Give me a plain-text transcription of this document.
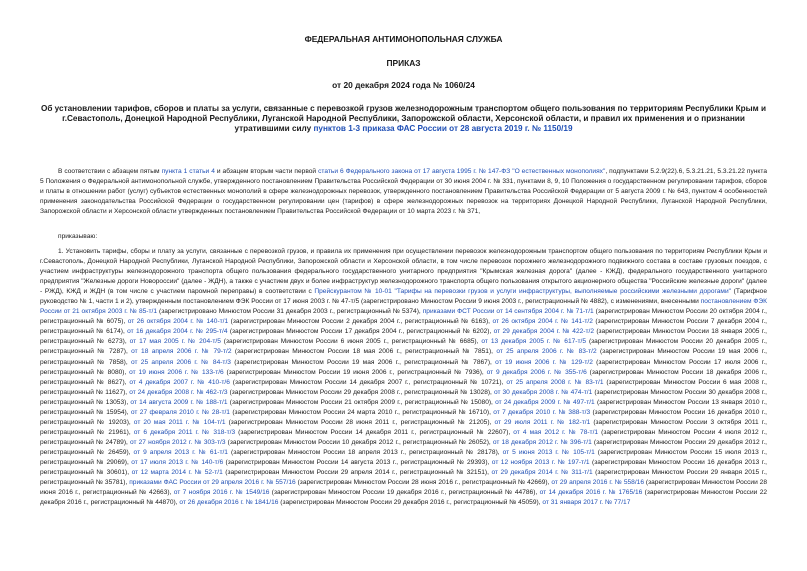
ФЕДЕРАЛЬНАЯ АНТИМОНОПОЛЬНАЯ СЛУЖБА
ПРИКАЗ
от 20 декабря 2024 года № 1060/24
Об установлении тарифов, сборов и платы за услуги, связанные с перевозкой грузов железнодорожным транспортом общего пользования по территориям Республики Крым и г.Севастополь, Донецкой Народной Республики, Луганской Народной Республики, Запорожской области, Херсонской области, и правил их применения и о признании утратившими силу пунктов 1-3 приказа ФАС России от 28 августа 2019 г. № 1150/19

В соответствии с абзацем пятым пункта 1 статьи 4 и абзацем вторым части первой статьи 6 Федерального закона от 17 августа 1995 г. № 147-ФЗ "О естественных монополиях", подпунктами 5.2.9(22).6, 5.3.21.21, 5.3.21.22 пункта 5 Положения о Федеральной антимонопольной службе, утвержденного постановлением Правительства Российской Федерации от 30 июня 2004 г. № 331, пунктами 8, 9, 10 Положения о государственном регулировании тарифов, сборов и платы в отношении работ (услуг) субъектов естественных монополий в сфере железнодорожных перевозок, утвержденного постановлением Правительства Российской Федерации от 5 августа 2009 г. № 643, пунктом 4 особенностей применения законодательства Российской Федерации о государственном регулировании цен (тарифов) в сфере железнодорожных перевозок на территориях Донецкой Народной Республики, Луганской Народной Республики, Запорожской области и Херсонской области утвержденных постановлением Правительства Российской Федерации от 10 марта 2023 г. № 371,

приказываю:

1. Установить тарифы, сборы и плату за услуги, связанные с перевозкой грузов, и правила их применения при осуществлении перевозок железнодорожным транспортом общего пользования по территориям Республики Крым и г.Севастополь, Донецкой Народной Республики, Луганской Народной Республики, Запорожской области и Херсонской области, в том числе перевозок порожнего железнодорожного подвижного состава в составе грузовых поездов, с участием инфраструктуры железнодорожного транспорта общего пользования федерального государственного унитарного предприятия "Крымская железная дорога" (далее - КЖД), федерального государственного унитарного предприятия "Железные дороги Новороссии" (далее - ЖДН), а также с участием двух и более инфраструктур железнодорожного транспорта общего пользования открытого акционерного общества "Российские железные дороги" (далее - РЖД), КЖД и ЖДН (в том числе с участием паромной переправы) в соответствии с Прейскурантом № 10-01 "Тарифы на перевозки грузов и услуги инфраструктуры, выполняемые российскими железными дорогами" (Тарифное руководство № 1, части 1 и 2), утвержденным постановлением ФЭК России от 17 июня 2003 г. № 47-т/5 (зарегистрировано Минюстом России 9 июня 2003 г., регистрационный № 4882), с изменениями, внесенными постановлением ФЭК России от 21 октября 2003 г. № 85-т/1 (зарегистрировано Минюстом России 31 декабря 2003 г., регистрационный № 5374), приказами ФСТ России от 14 сентября 2004 г. № 71-т/1 (зарегистрирован Минюстом России 20 октября 2004 г., регистрационный № 6075), от 26 октября 2004 г. № 140-т/1 (зарегистрирован Минюстом России 2 декабря 2004 г., регистрационный № 6163), от 26 октября 2004 г. № 141-т/2 (зарегистрирован Минюстом России 7 декабря 2004 г., регистрационный № 6174), от 16 декабря 2004 г. № 295-т/4 (зарегистрирован Минюстом России 17 декабря 2004 г., регистрационный № 6202), от 29 декабря 2004 г. № 422-т/2 (зарегистрирован Минюстом России 18 января 2005 г., регистрационный № 6273), от 17 мая 2005 г. № 204-т/5 (зарегистрирован Минюстом России 6 июня 2005 г., регистрационный № 6685), от 13 декабря 2005 г. № 617-т/5 (зарегистрирован Минюстом России 20 декабря 2005 г., регистрационный № 7287), от 18 апреля 2006 г. № 79-т/2 (зарегистрирован Минюстом России 18 мая 2006 г., регистрационный № 7851), от 25 апреля 2006 г. № 83-т/2 (зарегистрирован Минюстом России 19 мая 2006 г., регистрационный № 7858), от 25 апреля 2006 г. № 84-т/3 (зарегистрирован Минюстом России 19 мая 2006 г., регистрационный № 7867), от 19 июня 2006 г. № 129-т/2 (зарегистрирован Минюстом России 17 июля 2006 г., регистрационный № 8080), от 19 июня 2006 г. № 133-т/6 (зарегистрирован Минюстом России 19 июня 2006 г., регистрационный № 7936), от 9 декабря 2006 г. № 355-т/6 (зарегистрирован Минюстом России 18 декабря 2006 г., регистрационный № 8627), от 4 декабря 2007 г. № 410-т/6 (зарегистрирован Минюстом России 14 декабря 2007 г., регистрационный № 10721), от 25 апреля 2008 г. № 83-т/1 (зарегистрирован Минюстом России 6 мая 2008 г., регистрационный № 11627), от 24 декабря 2008 г. № 462-т/3 (зарегистрирован Минюстом России 29 декабря 2008 г., регистрационный № 13028), от 30 декабря 2008 г. № 474-т/1 (зарегистрирован Минюстом России 30 декабря 2008 г., регистрационный № 13053), от 14 августа 2009 г. № 188-т/1 (зарегистрирован Минюстом России 21 октября 2009 г., регистрационный № 15080), от 24 декабря 2009 г. № 497-т/1 (зарегистрирован Минюстом России 13 января 2010 г., регистрационный № 15954), от 27 февраля 2010 г. № 28-т/1 (зарегистрирован Минюстом России 24 марта 2010 г., регистрационный № 16710), от 7 декабря 2010 г. № 388-т/3 (зарегистрирован Минюстом России 16 декабря 2010 г., регистрационный № 19203), от 20 мая 2011 г. № 104-т/1 (зарегистрирован Минюстом России 28 июня 2011 г., регистрационный № 21205), от 29 июля 2011 г. № 182-т/1 (зарегистрирован Минюстом России 3 октября 2011 г., регистрационный № 21961), от 6 декабря 2011 г. № 318-т/3 (зарегистрирован Минюстом России 14 декабря 2011 г., регистрационный № 22607), от 4 мая 2012 г. № 78-т/1 (зарегистрирован Минюстом России 4 июля 2012 г., регистрационный № 24789), от 27 ноября 2012 г. № 303-т/3 (зарегистрирован Минюстом России 10 декабря 2012 г., регистрационный № 26052), от 18 декабря 2012 г. № 396-т/1 (зарегистрирован Минюстом России 29 декабря 2012 г., регистрационный № 26459), от 9 апреля 2013 г. № 61-т/1 (зарегистрирован Минюстом России 18 апреля 2013 г., регистрационный № 28178), от 5 июня 2013 г. № 105-т/1 (зарегистрирован Минюстом России 15 июля 2013 г., регистрационный № 29069), от 17 июля 2013 г. № 140-т/6 (зарегистрирован Минюстом России 14 августа 2013 г., регистрационный № 29393), от 12 ноября 2013 г. № 197-т/1 (зарегистрирован Минюстом России 16 декабря 2013 г., регистрационный № 30601), от 12 марта 2014 г. № 52-т/1 (зарегистрирован Минюстом России 29 апреля 2014 г., регистрационный № 32151), от 29 декабря 2014 г. № 311-т/1 (зарегистрирован Минюстом России 29 января 2015 г., регистрационный № 35781), приказами ФАС России от 29 апреля 2016 г. № 557/16 (зарегистрирован Минюстом России 28 июня 2016 г., регистрационный № 42669), от 29 апреля 2016 г. № 558/16 (зарегистрирован Минюстом России 28 июня 2016 г., регистрационный № 42663), от 7 ноября 2016 г. № 1549/16 (зарегистрирован Минюстом России 19 декабря 2016 г., регистрационный № 44786), от 14 декабря 2016 г. № 1765/16 (зарегистрирован Минюстом России 22 декабря 2016 г., регистрационный № 44870), от 26 декабря 2016 г. № 1841/16 (зарегистрирован Минюстом России 29 декабря 2016 г., регистрационный № 45059), от 31 января 2017 г. № 77/17
